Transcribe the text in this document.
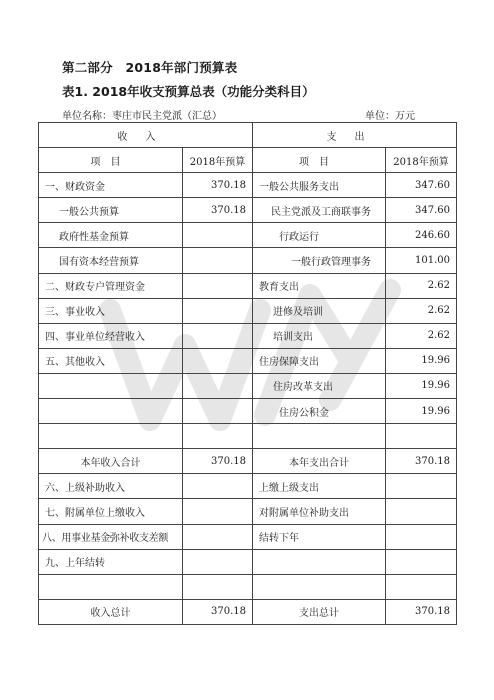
第二部分　2018年部门预算表
表1. 2018年收支预算总表（功能分类科目）
单位名称：枣庄市民主党派（汇总）	单位：万元
收入		支出	
项目	2018年预算	项目	2018年预算
一、财政资金	370.18	一般公共服务支出	347.60
一般公共预算	370.18	民主党派及工商联事务	347.60
政府性基金预算		行政运行	246.60
国有资本经营预算		一般行政管理事务	101.00
二、财政专户管理资金		教育支出	2.62
三、事业收入		进修及培训	2.62
四、事业单位经营收入		培训支出	2.62
五、其他收入		住房保障支出	19.96
		住房改革支出	19.96
		住房公积金	19.96

本年收入合计	370.18	本年支出合计	370.18
六、上级补助收入		上缴上级支出	
七、附属单位上缴收入		对附属单位补助支出	
八、用事业基金弥补收支差额		结转下年	
九、上年结转			

收入总计	370.18	支出总计	370.18
